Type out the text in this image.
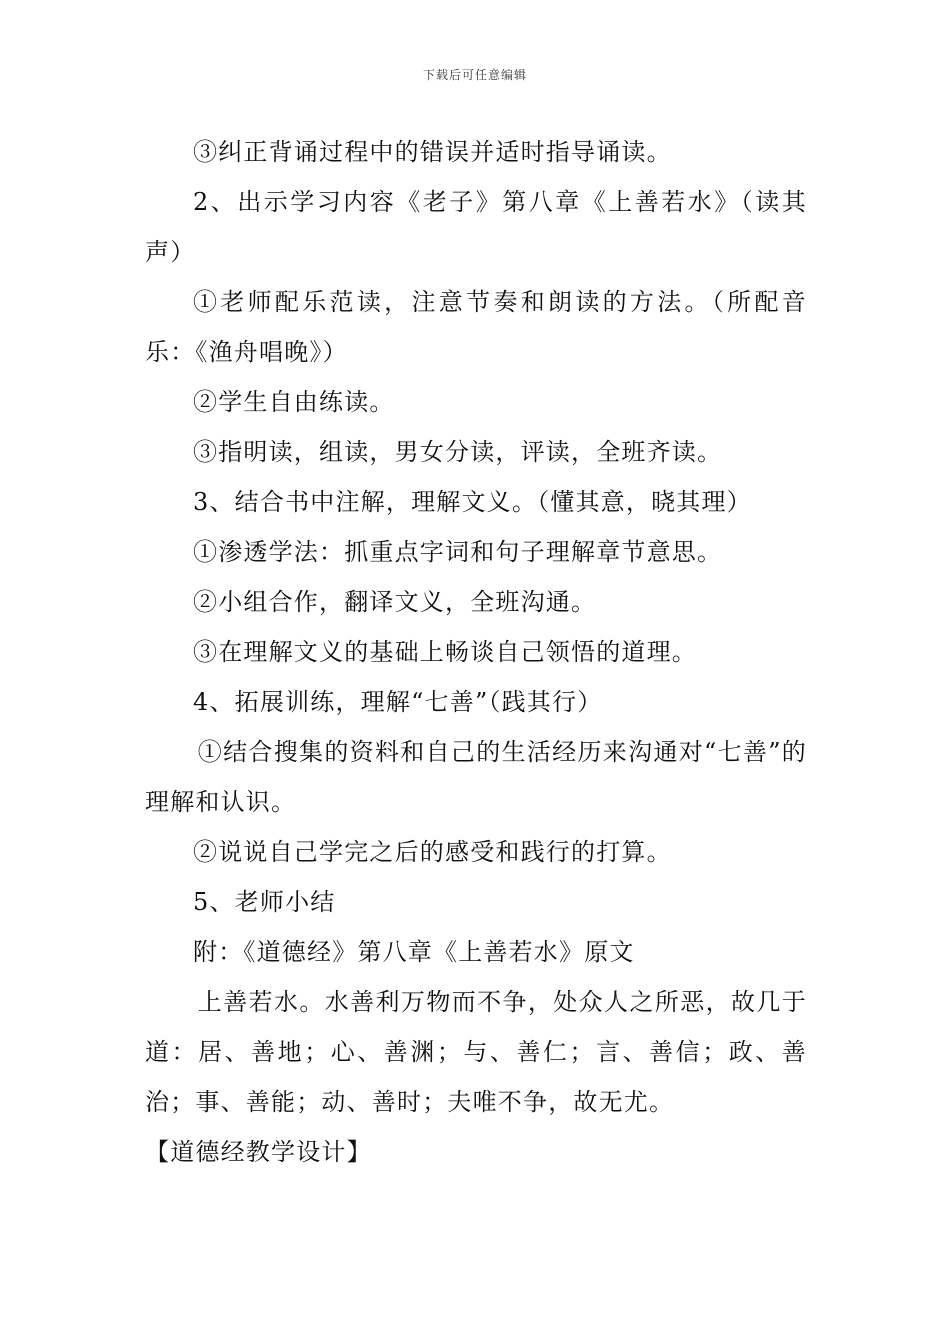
下载后可任意编辑

③纠正背诵过程中的错误并适时指导诵读。

2、出示学习内容《老子》第八章《上善若水》（读其声）

①老师配乐范读，注意节奏和朗读的方法。（所配音乐：《渔舟唱晚》）

②学生自由练读。

③指明读，组读，男女分读，评读，全班齐读。

3、结合书中注解，理解文义。（懂其意，晓其理）

①渗透学法：抓重点字词和句子理解章节意思。

②小组合作，翻译文义，全班沟通。

③在理解文义的基础上畅谈自己领悟的道理。

4、拓展训练，理解“七善”（践其行）

①结合搜集的资料和自己的生活经历来沟通对“七善”的理解和认识。

②说说自己学完之后的感受和践行的打算。

5、老师小结

附：《道德经》第八章《上善若水》原文

上善若水。水善利万物而不争，处众人之所恶，故几于道：居、善地；心、善渊；与、善仁；言、善信；政、善治；事、善能；动、善时；夫唯不争，故无尤。

【道德经教学设计】
